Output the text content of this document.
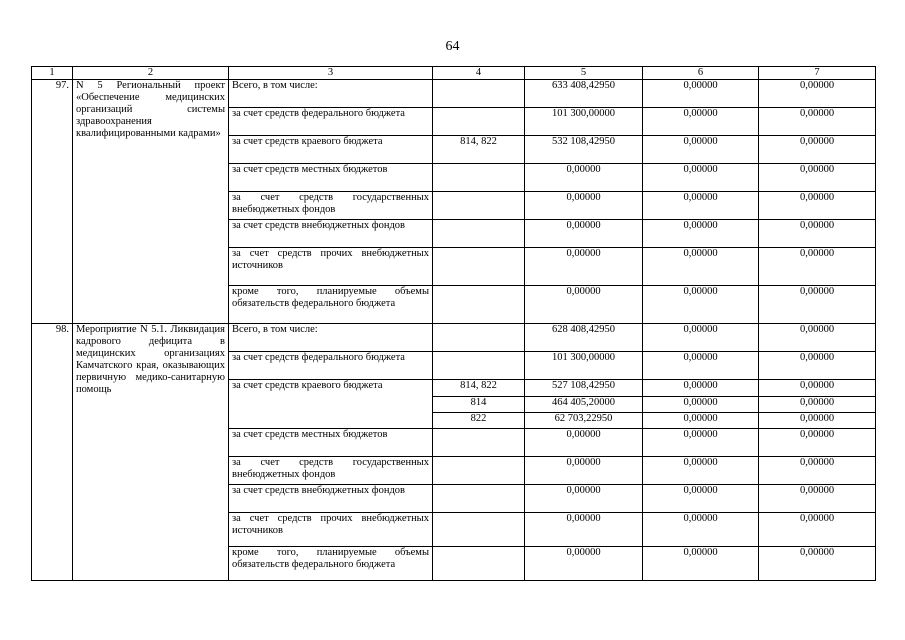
64
1	2	3	4	5	6	7
97.	N 5 Региональный проект «Обеспечение медицинских организаций системы здравоохранения квалифицированными кадрами»	Всего, в том числе:		633 408,42950	0,00000	0,00000
		за счет средств федерального бюджета		101 300,00000	0,00000	0,00000
		за счет средств краевого бюджета	814, 822	532 108,42950	0,00000	0,00000
		за счет средств местных бюджетов		0,00000	0,00000	0,00000
		за счет средств государственных внебюджетных фондов		0,00000	0,00000	0,00000
		за счет средств внебюджетных фондов		0,00000	0,00000	0,00000
		за счет средств прочих внебюджетных источников		0,00000	0,00000	0,00000
		кроме того, планируемые объемы обязательств федерального бюджета		0,00000	0,00000	0,00000
98.	Мероприятие N 5.1. Ликвидация кадрового дефицита в медицинских организациях Камчатского края, оказывающих первичную медико-санитарную помощь	Всего, в том числе:		628 408,42950	0,00000	0,00000
		за счет средств федерального бюджета		101 300,00000	0,00000	0,00000
		за счет средств краевого бюджета	814, 822	527 108,42950	0,00000	0,00000
			814	464 405,20000	0,00000	0,00000
			822	62 703,22950	0,00000	0,00000
		за счет средств местных бюджетов		0,00000	0,00000	0,00000
		за счет средств государственных внебюджетных фондов		0,00000	0,00000	0,00000
		за счет средств внебюджетных фондов		0,00000	0,00000	0,00000
		за счет средств прочих внебюджетных источников		0,00000	0,00000	0,00000
		кроме того, планируемые объемы обязательств федерального бюджета		0,00000	0,00000	0,00000
